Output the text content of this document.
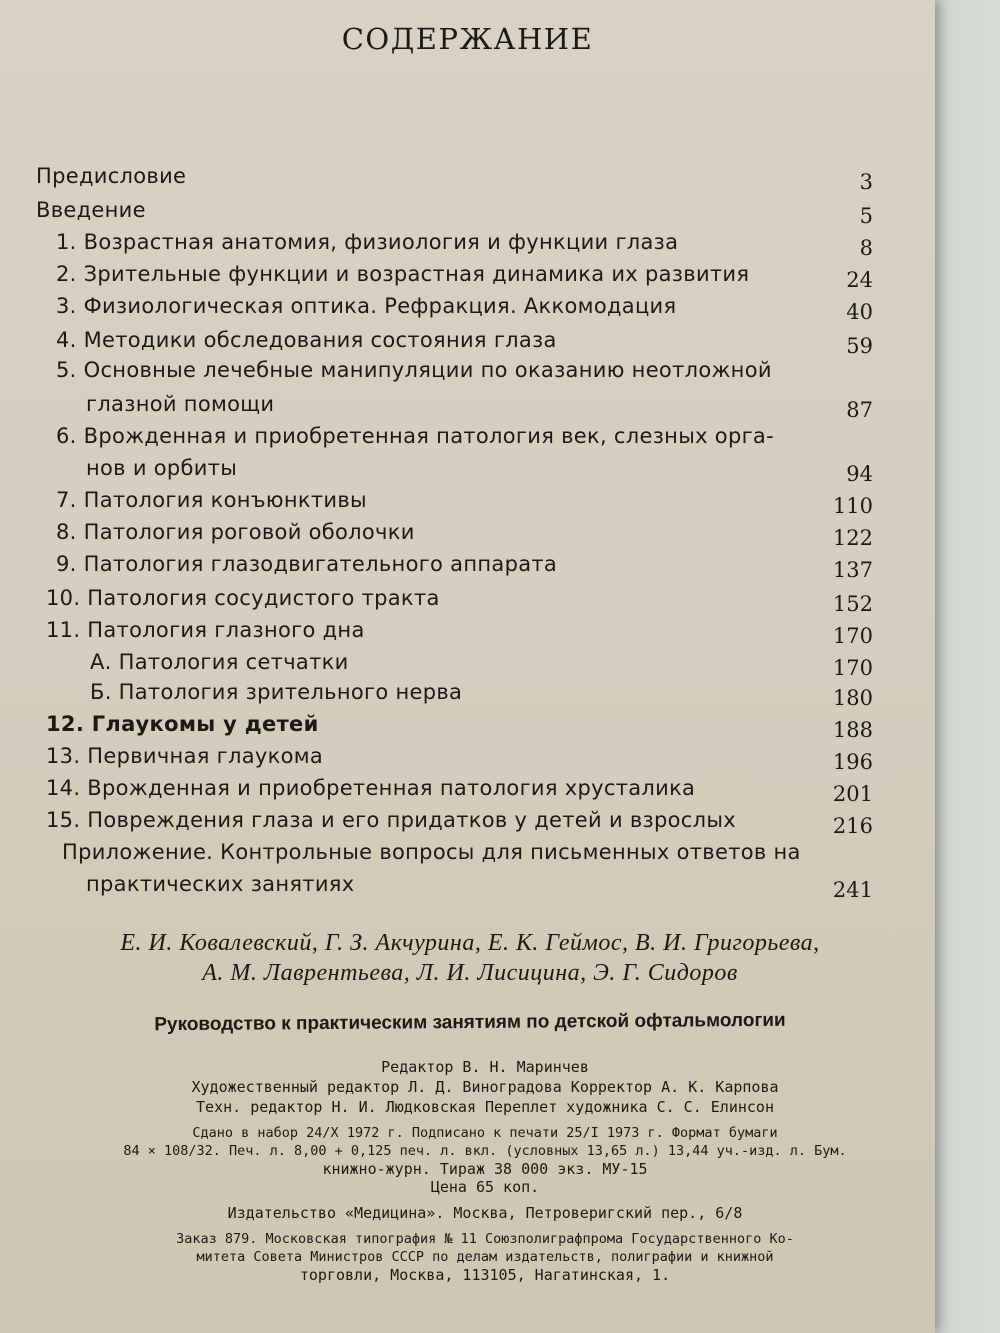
СОДЕРЖАНИЕ
Предисловие	3
Введение	5
1. Возрастная анатомия, физиология и функции глаза	8
2. Зрительные функции и возрастная динамика их развития	24
3. Физиологическая оптика. Рефракция. Аккомодация	40
4. Методики обследования состояния глаза	59
5. Основные лечебные манипуляции по оказанию неотложной
глазной помощи	87
6. Врожденная и приобретенная патология век, слезных орга-
нов и орбиты	94
7. Патология конъюнктивы	110
8. Патология роговой оболочки	122
9. Патология глазодвигательного аппарата	137
10. Патология сосудистого тракта	152
11. Патология глазного дна	170
А. Патология сетчатки	170
Б. Патология зрительного нерва	180
12. Глаукомы у детей	188
13. Первичная глаукома	196
14. Врожденная и приобретенная патология хрусталика	201
15. Повреждения глаза и его придатков у детей и взрослых	216
Приложение. Контрольные вопросы для письменных ответов на
практических занятиях	241
Е. И. Ковалевский, Г. З. Акчурина, Е. К. Геймос, В. И. Григорьева,
А. М. Лаврентьева, Л. И. Лисицина, Э. Г. Сидоров
Руководство к практическим занятиям по детской офтальмологии
Редактор В. Н. Маринчев
Художественный редактор Л. Д. Виноградова Корректор А. К. Карпова
Техн. редактор Н. И. Людковская Переплет художника С. С. Елинсон
Сдано в набор 24/X 1972 г. Подписано к печати 25/I 1973 г. Формат бумаги
84 × 108/32. Печ. л. 8,00 + 0,125 печ. л. вкл. (условных 13,65 л.) 13,44 уч.-изд. л. Бум.
книжно-журн. Тираж 38 000 экз. МУ-15
Цена 65 коп.
Издательство «Медицина». Москва, Петроверигский пер., 6/8
Заказ 879. Московская типография № 11 Союзполиграфпрома Государственного Ко-
митета Совета Министров СССР по делам издательств, полиграфии и книжной
торговли, Москва, 113105, Нагатинская, 1.
